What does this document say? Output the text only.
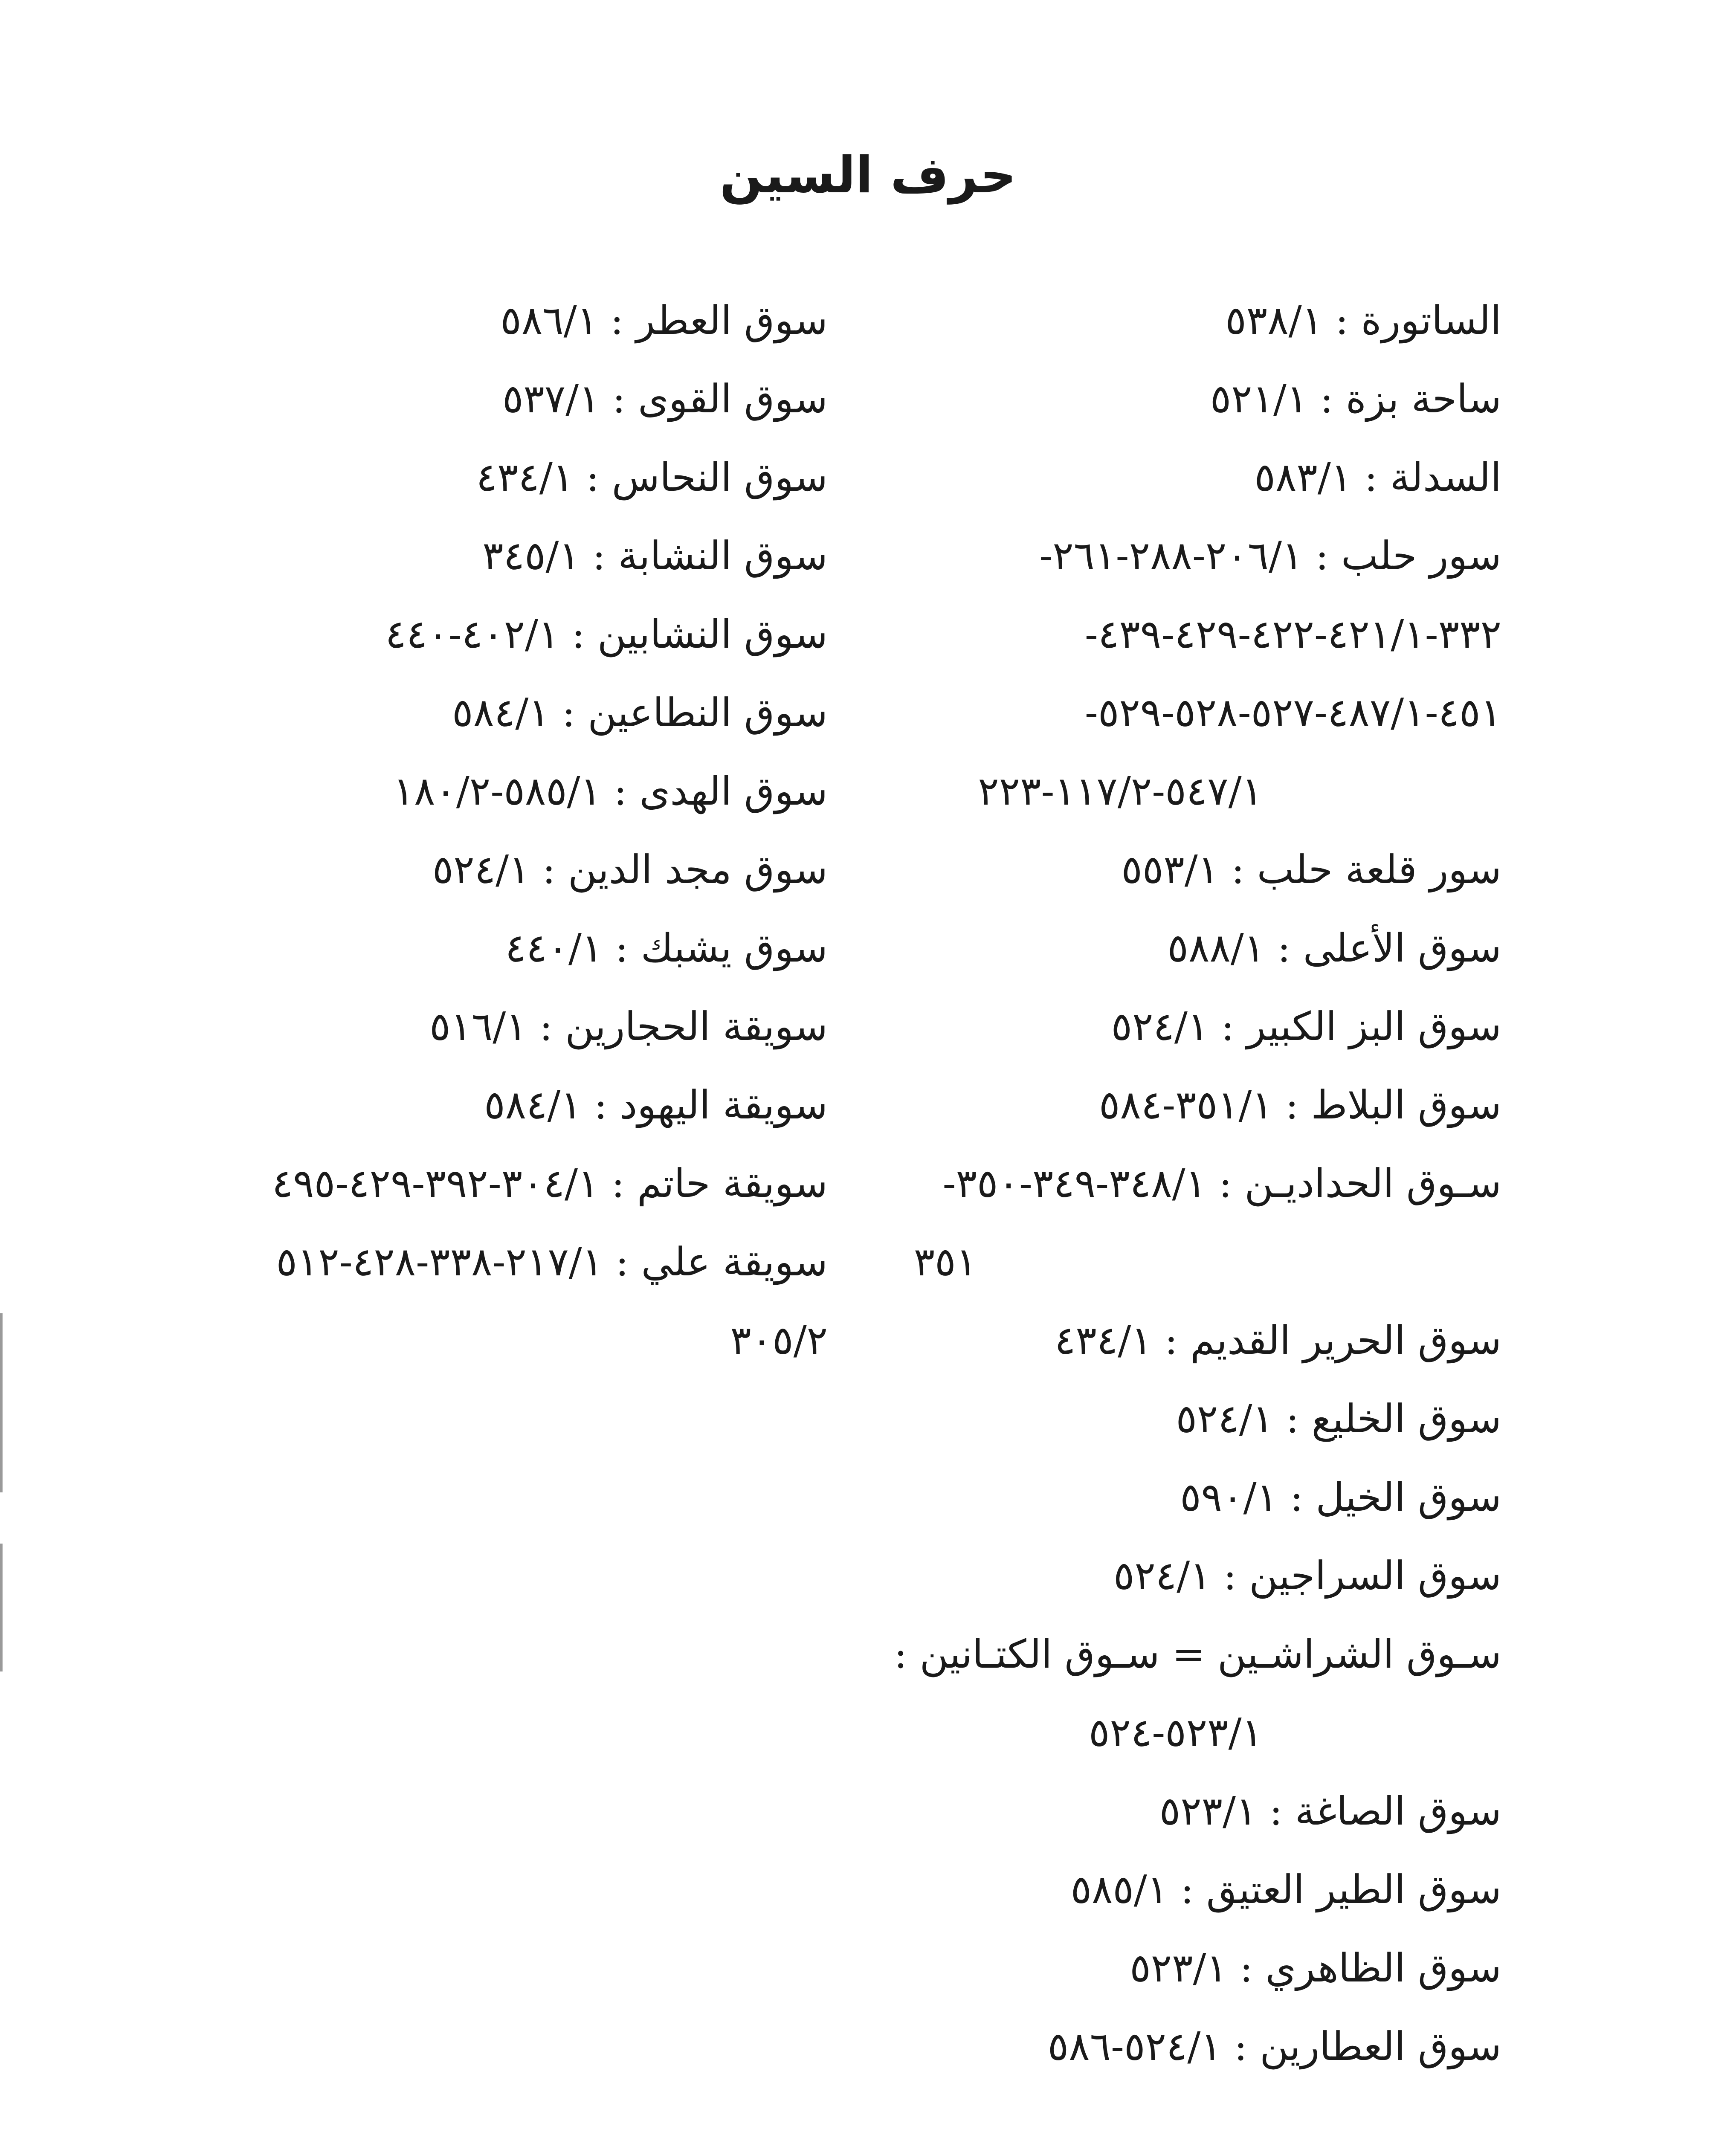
حرف السين
الساتورة : ٥٣٨/١
ساحة بزة : ٥٢١/١
السدلة : ٥٨٣/١
سور حلب : ٢٠٦/١-٢٨٨-٢٦١-
٣٣٢-٤٢١/١-٤٢٢-٤٢٩-٤٣٩-
٤٥١-٤٨٧/١-٥٢٧-٥٢٨-٥٢٩-
٥٤٧/١-١١٧/٢-٢٢٣
سور قلعة حلب : ٥٥٣/١
سوق الأعلى : ٥٨٨/١
سوق البز الكبير : ٥٢٤/١
سوق البلاط : ٣٥١/١-٥٨٤
سـوق الحداديـن : ٣٤٨/١-٣٤٩-٣٥٠-
٣٥١
سوق الحرير القديم : ٤٣٤/١
سوق الخليع : ٥٢٤/١
سوق الخيل : ٥٩٠/١
سوق السراجين : ٥٢٤/١
سـوق الشراشـين = سـوق الكتـانين :
٥٢٣/١-٥٢٤
سوق الصاغة : ٥٢٣/١
سوق الطير العتيق : ٥٨٥/١
سوق الظاهري : ٥٢٣/١
سوق العطارين : ٥٢٤/١-٥٨٦
سوق العطر : ٥٨٦/١
سوق القوى : ٥٣٧/١
سوق النحاس : ٤٣٤/١
سوق النشابة : ٣٤٥/١
سوق النشابين : ٤٠٢/١-٤٤٠
سوق النطاعين : ٥٨٤/١
سوق الهدى : ٥٨٥/١-١٨٠/٢
سوق مجد الدين : ٥٢٤/١
سوق يشبك : ٤٤٠/١
سويقة الحجارين : ٥١٦/١
سويقة اليهود : ٥٨٤/١
سويقة حاتم : ٣٠٤/١-٣٩٢-٤٢٩-٤٩٥
سويقة علي : ٢١٧/١-٣٣٨-٤٢٨-٥١٢
٣٠٥/٢
